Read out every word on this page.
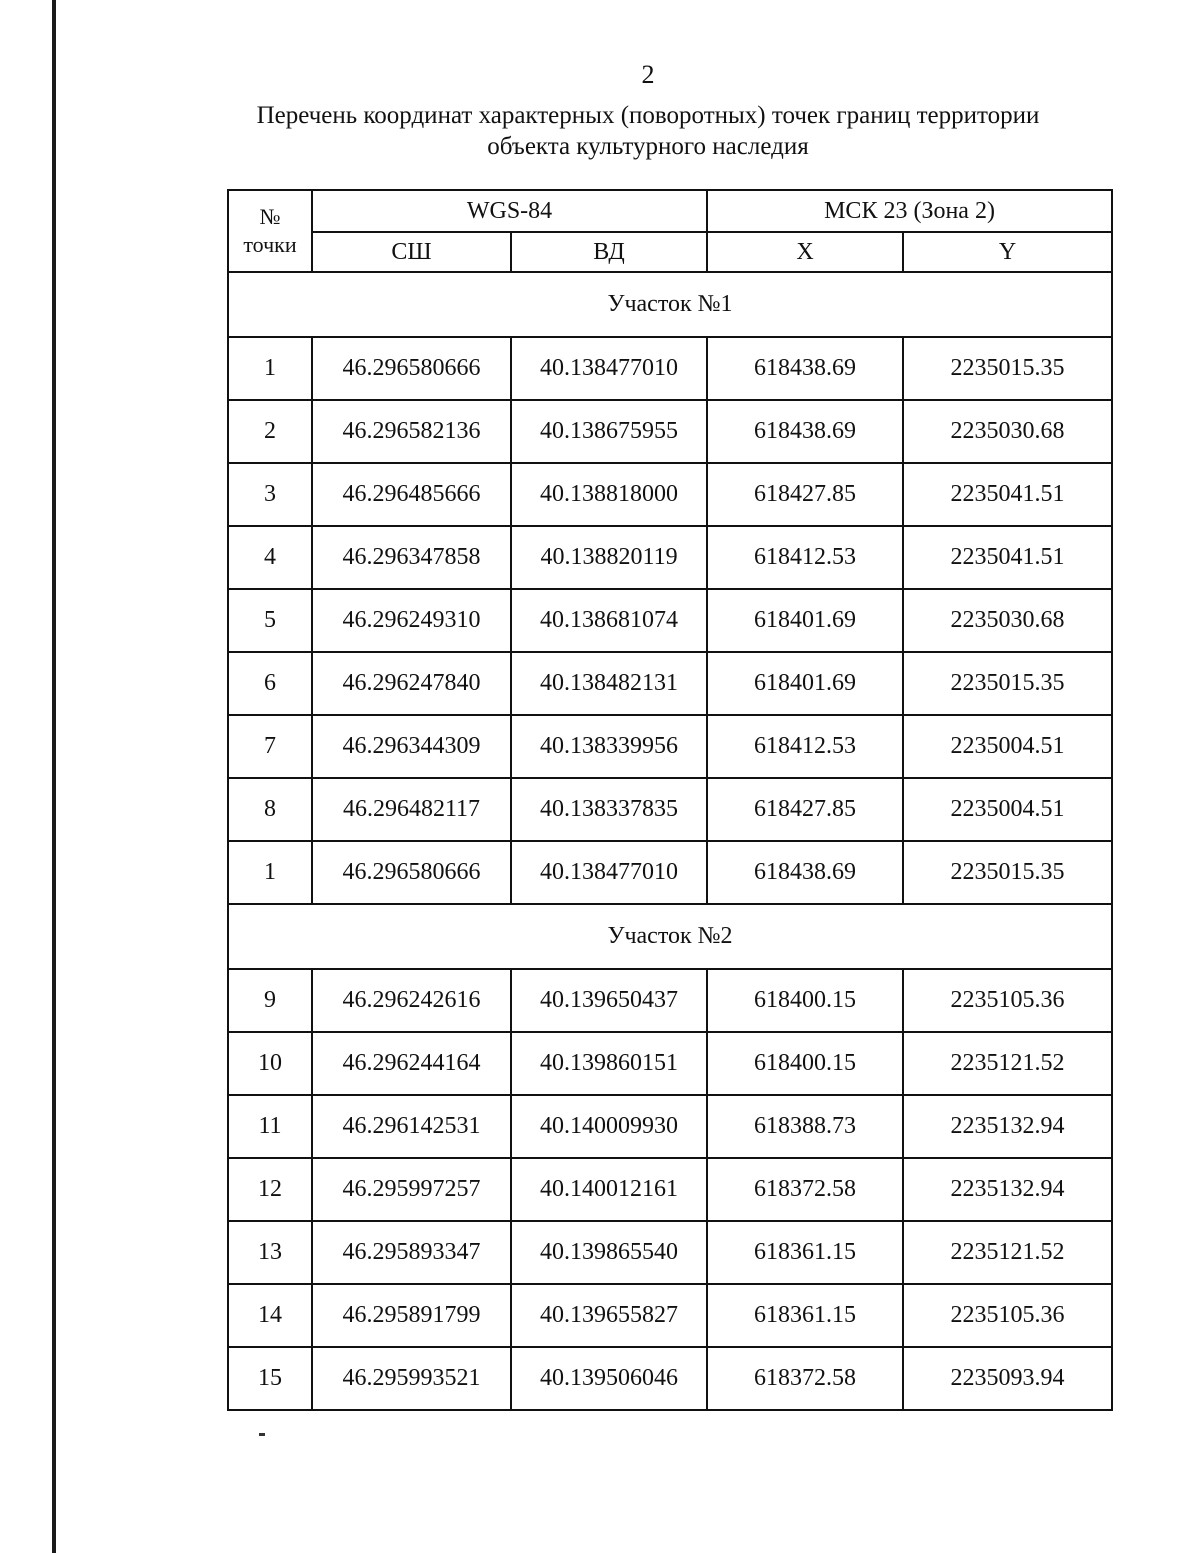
2
Перечень координат характерных (поворотных) точек границ территории
объекта культурного наследия
№
точки	WGS-84		МСК 23 (Зона 2)	
	СШ	ВД	X	Y
Участок №1				
1	46.296580666	40.138477010	618438.69	2235015.35
2	46.296582136	40.138675955	618438.69	2235030.68
3	46.296485666	40.138818000	618427.85	2235041.51
4	46.296347858	40.138820119	618412.53	2235041.51
5	46.296249310	40.138681074	618401.69	2235030.68
6	46.296247840	40.138482131	618401.69	2235015.35
7	46.296344309	40.138339956	618412.53	2235004.51
8	46.296482117	40.138337835	618427.85	2235004.51
1	46.296580666	40.138477010	618438.69	2235015.35
Участок №2				
9	46.296242616	40.139650437	618400.15	2235105.36
10	46.296244164	40.139860151	618400.15	2235121.52
11	46.296142531	40.140009930	618388.73	2235132.94
12	46.295997257	40.140012161	618372.58	2235132.94
13	46.295893347	40.139865540	618361.15	2235121.52
14	46.295891799	40.139655827	618361.15	2235105.36
15	46.295993521	40.139506046	618372.58	2235093.94
